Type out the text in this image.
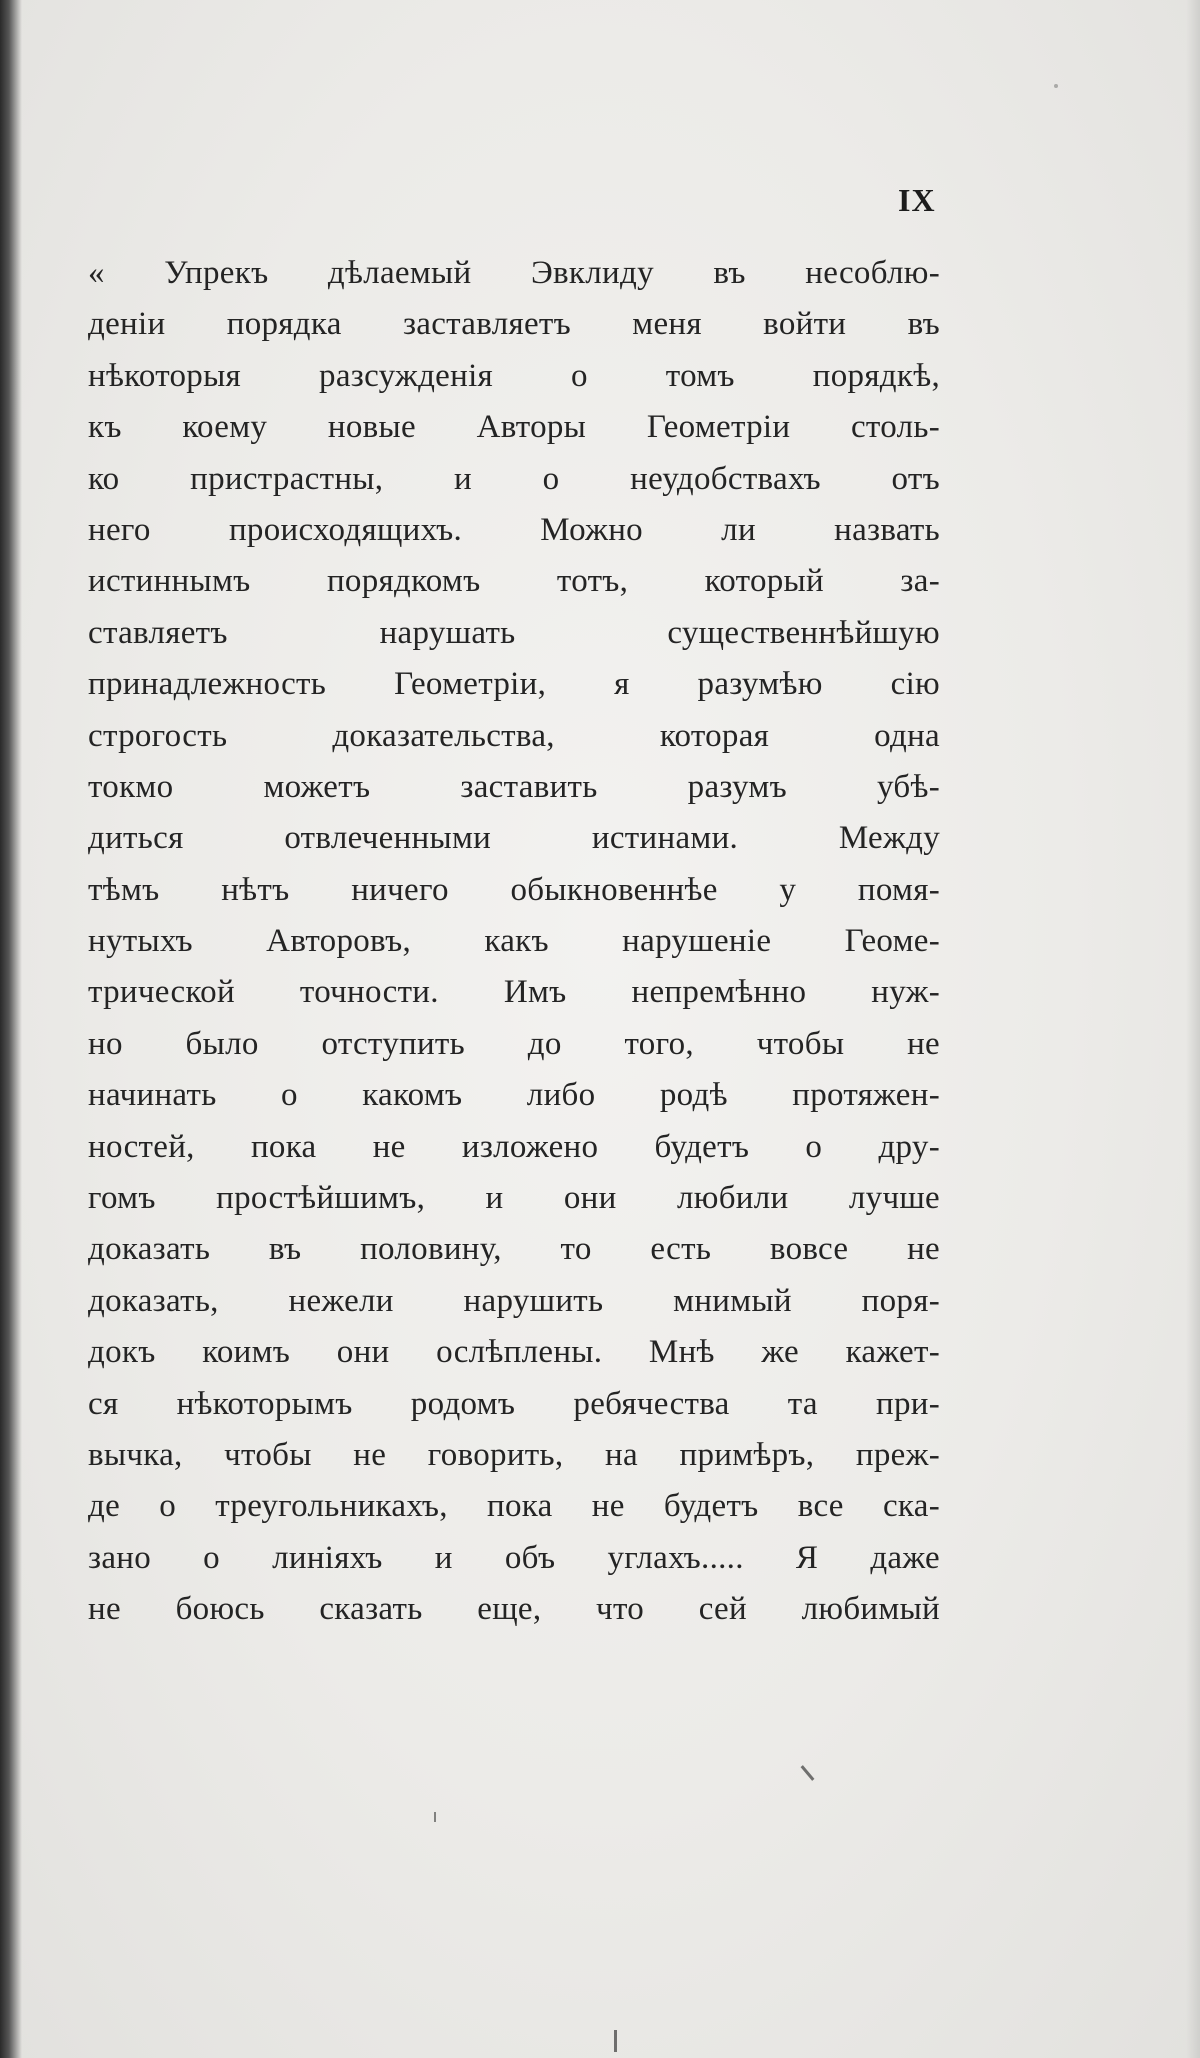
IX
« Упрекъ дѣлаемый Эвклиду въ несоблю-
деніи порядка заставляетъ меня войти въ
нѣкоторыя разсужденія о томъ порядкѣ,
къ коему новые Авторы Геометріи столь-
ко пристрастны, и о неудобствахъ отъ
него происходящихъ. Можно ли назвать
истиннымъ порядкомъ тотъ, который за-
ставляетъ нарушать существеннѣйшую
принадлежность Геометріи, я разумѣю сію
строгость доказательства, которая одна
токмо можетъ заставить разумъ убѣ-
диться отвлеченными истинами. Между
тѣмъ нѣтъ ничего обыкновеннѣе у помя-
нутыхъ Авторовъ, какъ нарушеніе Геоме-
трической точности. Имъ непремѣнно нуж-
но было отступить до того, чтобы не
начинать о какомъ либо родѣ протяжен-
ностей, пока не изложено будетъ о дру-
гомъ простѣйшимъ, и они любили лучше
доказать въ половину, то есть вовсе не
доказать, нежели нарушить мнимый поря-
докъ коимъ они ослѣплены. Мнѣ же кажет-
ся нѣкоторымъ родомъ ребячества та при-
вычка, чтобы не говорить, на примѣръ, преж-
де о треугольникахъ, пока не будетъ все ска-
зано о линіяхъ и объ углахъ..... Я даже
не боюсь сказать еще, что сей любимый
